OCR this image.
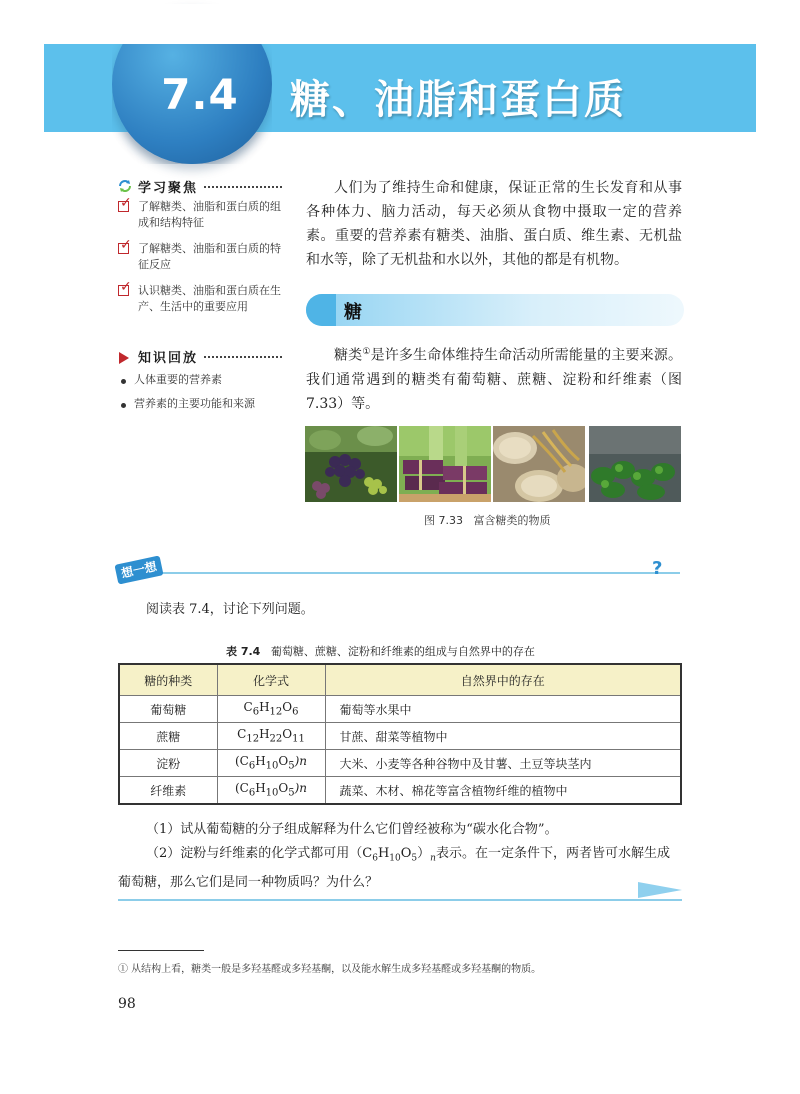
7.4	糖、油脂和蛋白质
学习聚焦
✓ 了解糖类、油脂和蛋白质的组成和结构特征
✓ 了解糖类、油脂和蛋白质的特征反应
✓ 认识糖类、油脂和蛋白质在生产、生活中的重要应用
知识回放
人体重要的营养素
营养素的主要功能和来源
人们为了维持生命和健康，保证正常的生长发育和从事各种体力、脑力活动，每天必须从食物中摄取一定的营养素。重要的营养素有糖类、油脂、蛋白质、维生素、无机盐和水等，除了无机盐和水以外，其他的都是有机物。
糖
糖类①是许多生命体维持生命活动所需能量的主要来源。我们通常遇到的糖类有葡萄糖、蔗糖、淀粉和纤维素（图 7.33）等。
图 7.33 富含糖类的物质
想一想	?
阅读表 7.4，讨论下列问题。
表 7.4 葡萄糖、蔗糖、淀粉和纤维素的组成与自然界中的存在
糖的种类	化学式	自然界中的存在
葡萄糖	$C_6H_{12}O_6$	葡萄等水果中
蔗糖	$C_{12}H_{22}O_{11}$	甘蔗、甜菜等植物中
淀粉	$(C_6H_{10}O_5)n$	大米、小麦等各种谷物中及甘薯、土豆等块茎内
纤维素	$(C_6H_{10}O_5)n$	蔬菜、木材、棉花等富含植物纤维的植物中
（1）试从葡萄糖的分子组成解释为什么它们曾经被称为“碳水化合物”。
（2）淀粉与纤维素的化学式都可用$(C_6H_{10}O_5)_n$表示。在一定条件下，两者皆可水解生成葡萄糖，那么它们是同一种物质吗？为什么？
① 从结构上看，糖类一般是多羟基醛或多羟基酮，以及能水解生成多羟基醛或多羟基酮的物质。
98
